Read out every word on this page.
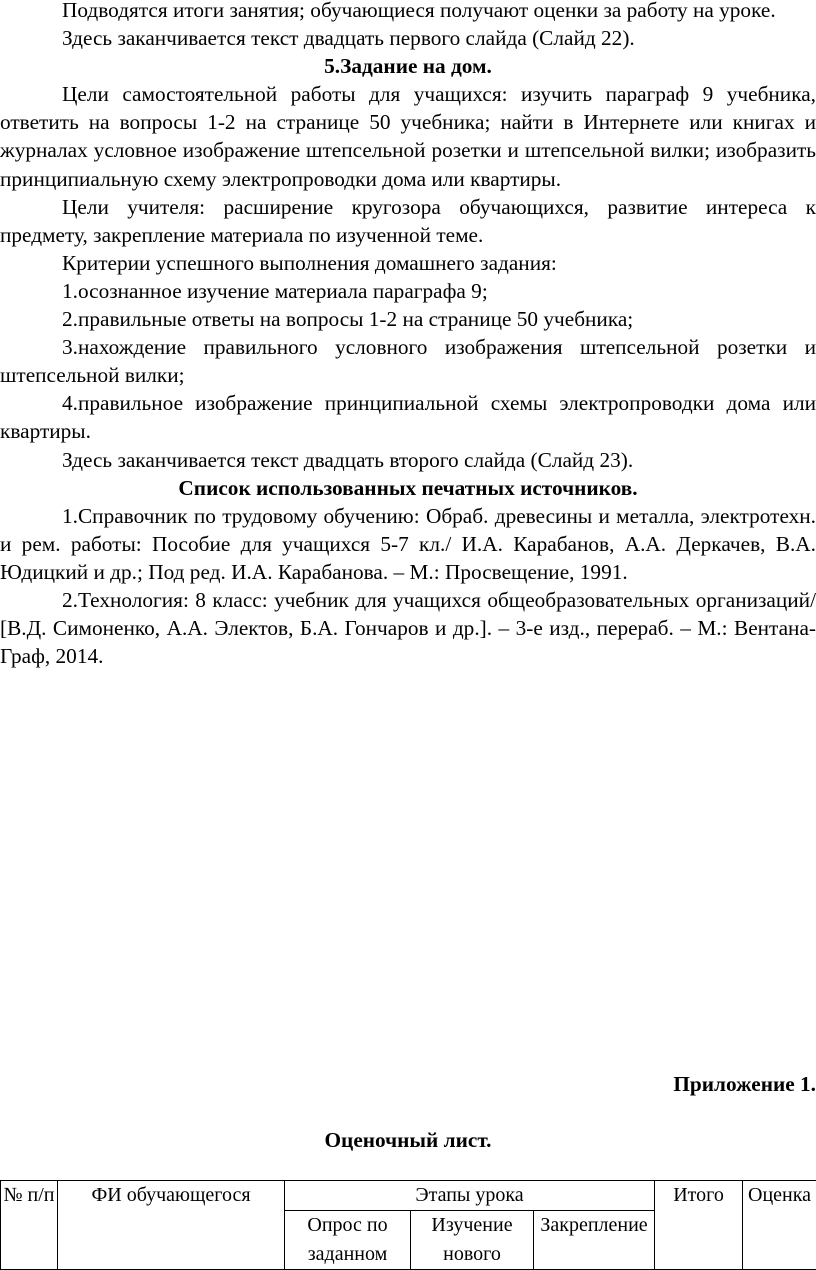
Подводятся итоги занятия; обучающиеся получают оценки за работу на уроке.

Здесь заканчивается текст двадцать первого слайда (Слайд 22).

5.Задание на дом.

Цели самостоятельной работы для учащихся: изучить параграф 9 учебника, ответить на вопросы 1-2 на странице 50 учебника; найти в Интернете или книгах и журналах условное изображение штепсельной розетки и штепсельной вилки; изобразить принципиальную схему электропроводки дома или квартиры.

Цели учителя: расширение кругозора обучающихся, развитие интереса к предмету, закрепление материала по изученной теме.

Критерии успешного выполнения домашнего задания:

1.осознанное изучение материала параграфа 9;

2.правильные ответы на вопросы 1-2 на странице 50 учебника;

3.нахождение правильного условного изображения штепсельной розетки и штепсельной вилки;

4.правильное изображение принципиальной схемы электропроводки дома или квартиры.

Здесь заканчивается текст двадцать второго слайда (Слайд 23).

Список использованных печатных источников.

1.Справочник по трудовому обучению: Обраб. древесины и металла, электротехн. и рем. работы: Пособие для учащихся 5-7 кл./ И.А. Карабанов, А.А. Деркачев, В.А. Юдицкий и др.; Под ред. И.А. Карабанова. – М.: Просвещение, 1991.

2.Технология: 8 класс: учебник для учащихся общеобразовательных организаций/ [В.Д. Симоненко, А.А. Электов, Б.А. Гончаров и др.]. – 3-е изд., перераб. – М.: Вентана-Граф, 2014.

Приложение 1.
Оценочный лист.
№ п/п	ФИ обучающегося	Этапы урока			Итого	Оценка
		Опрос по заданном	Изучение нового	Закрепление		
